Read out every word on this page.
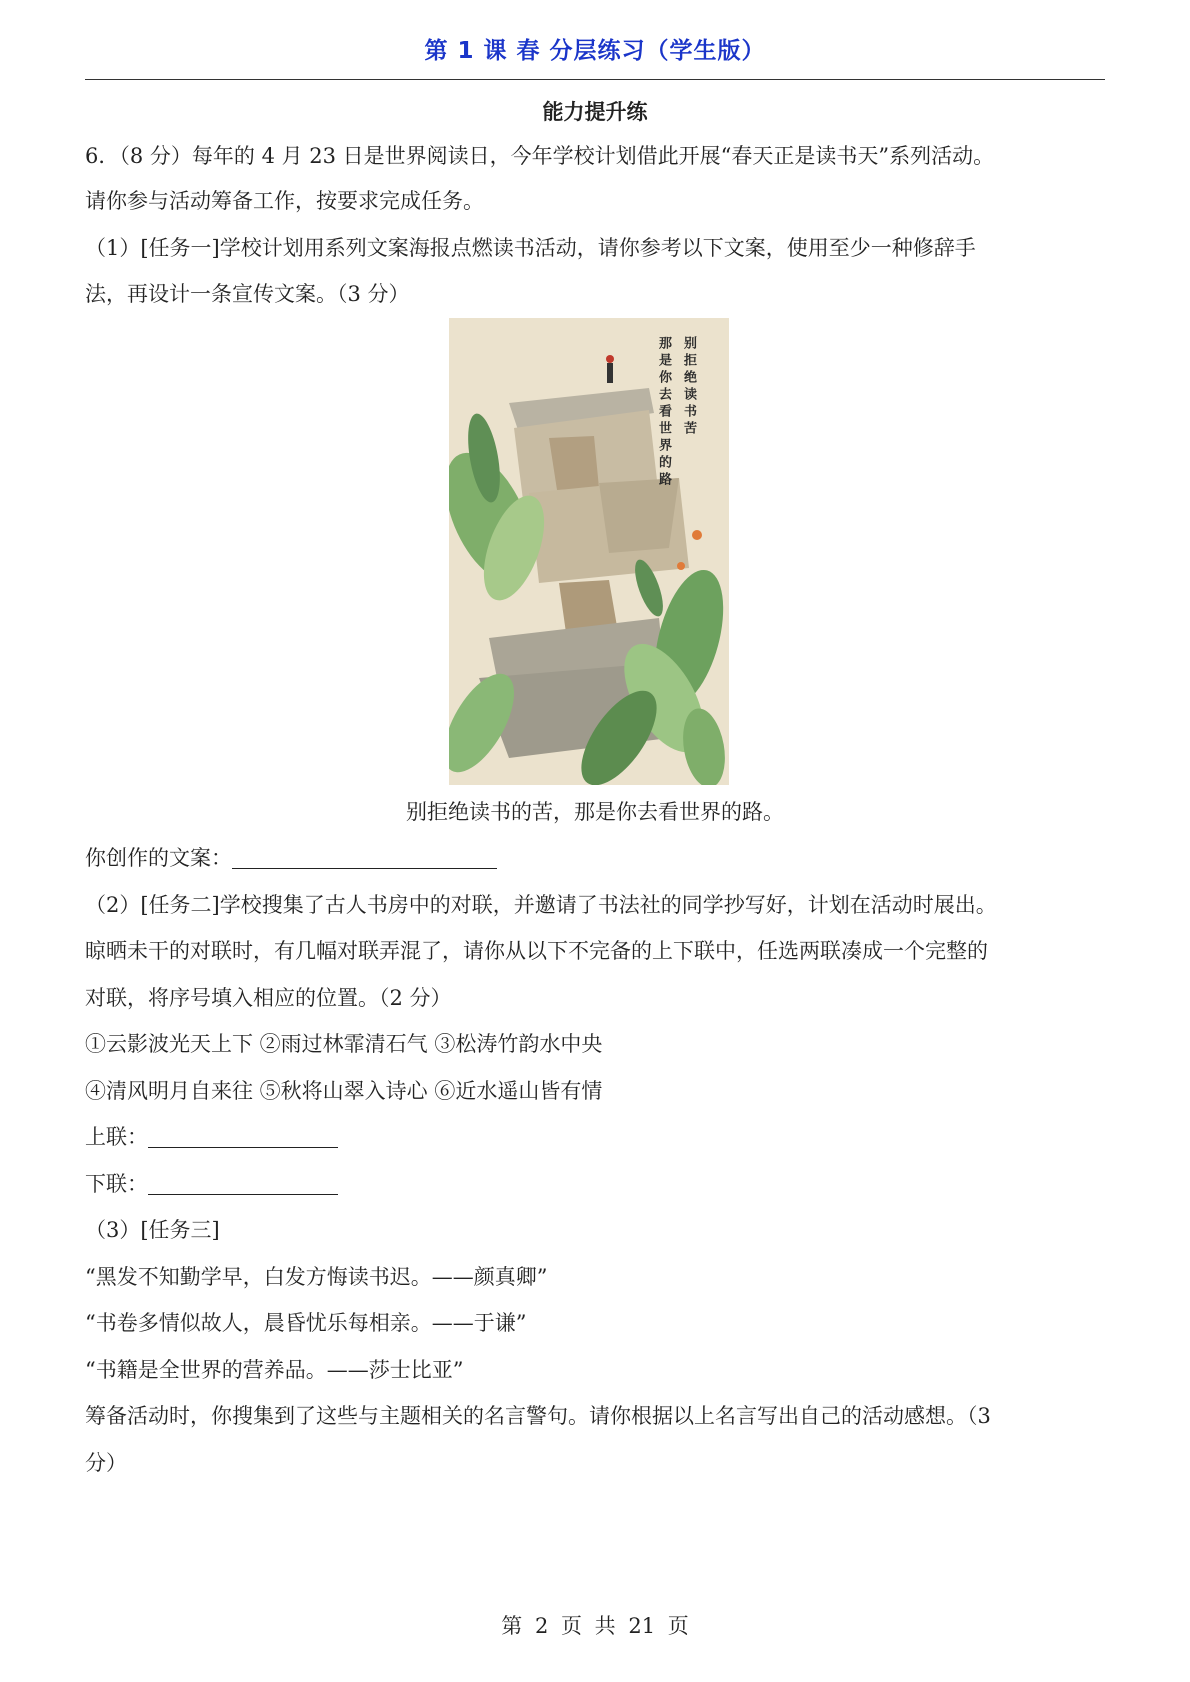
第 1 课 春 分层练习（学生版）
能力提升练
6．（8 分）每年的 4 月 23 日是世界阅读日，今年学校计划借此开展“春天正是读书天”系列活动。
请你参与活动筹备工作，按要求完成任务。
（1）[任务一]学校计划用系列文案海报点燃读书活动，请你参考以下文案，使用至少一种修辞手
法，再设计一条宣传文案。（3 分）
别拒绝读书苦
那是你去看世界的路
别拒绝读书的苦，那是你去看世界的路。
你创作的文案：
（2）[任务二]学校搜集了古人书房中的对联，并邀请了书法社的同学抄写好，计划在活动时展出。
晾晒未干的对联时，有几幅对联弄混了，请你从以下不完备的上下联中，任选两联凑成一个完整的
对联，将序号填入相应的位置。（2 分）
①云影波光天上下 ②雨过林霏清石气 ③松涛竹韵水中央
④清风明月自来往 ⑤秋将山翠入诗心 ⑥近水遥山皆有情
上联：
下联：
（3）[任务三]
“黑发不知勤学早，白发方悔读书迟。——颜真卿”
“书卷多情似故人，晨昏忧乐每相亲。——于谦”
“书籍是全世界的营养品。——莎士比亚”
筹备活动时，你搜集到了这些与主题相关的名言警句。请你根据以上名言写出自己的活动感想。（3
分）
第 2 页 共 21 页
